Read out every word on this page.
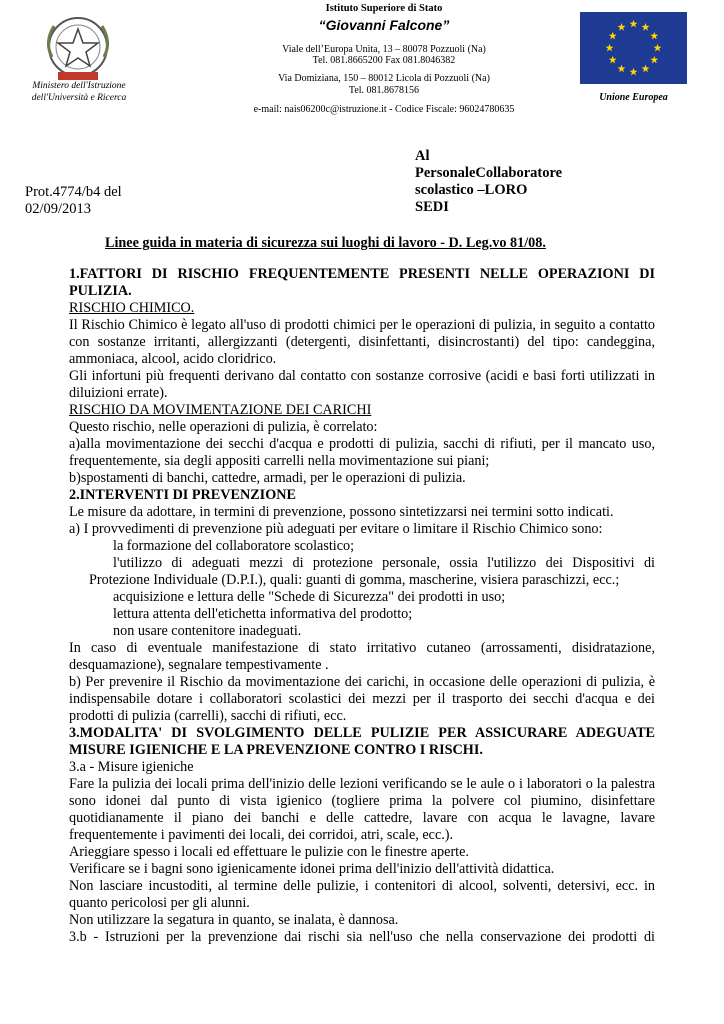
Ministero dell'Istruzione
dell'Università e Ricerca
Istituto Superiore di Stato
“Giovanni Falcone”
Viale dell’Europa Unita, 13 – 80078 Pozzuoli (Na)
Tel. 081.8665200 Fax 081.8046382
Via Domiziana, 150 – 80012 Licola di Pozzuoli (Na)
Tel. 081.8678156
e-mail: nais06200c@istruzione.it - Codice Fiscale: 96024780635
Unione Europea
Al
PersonaleCollaboratore
scolastico –LORO
SEDI
Prot.4774/b4 del
02/09/2013
Linee guida in materia di sicurezza sui luoghi di lavoro - D. Leg.vo 81/08.

1.FATTORI DI RISCHIO FREQUENTEMENTE PRESENTI NELLE OPERAZIONI DI PULIZIA.

RISCHIO CHIMICO.

Il Rischio Chimico è legato all'uso di prodotti chimici per le operazioni di pulizia, in seguito a contatto con sostanze irritanti, allergizzanti (detergenti, disinfettanti, disincrostanti) del tipo: candeggina, ammoniaca, alcool, acido cloridrico.

Gli infortuni più frequenti derivano dal contatto con sostanze corrosive (acidi e basi forti utilizzati in diluizioni errate).

RISCHIO DA MOVIMENTAZIONE DEI CARICHI

Questo rischio, nelle operazioni di pulizia, è correlato:

a)alla movimentazione dei secchi d'acqua e prodotti di pulizia, sacchi di rifiuti, per il mancato uso, frequentemente, sia degli appositi carrelli nella movimentazione sui piani;

b)spostamenti di banchi, cattedre, armadi, per le operazioni di pulizia.

2.INTERVENTI DI PREVENZIONE

Le misure da adottare, in termini di prevenzione, possono sintetizzarsi nei termini sotto indicati.

a) I provvedimenti di prevenzione più adeguati per evitare o limitare il Rischio Chimico sono:

la formazione del collaboratore scolastico;
l'utilizzo di adeguati mezzi di protezione personale, ossia l'utilizzo dei Dispositivi di

Protezione Individuale (D.P.I.), quali: guanti di gomma, mascherine, visiera paraschizzi, ecc.;

acquisizione e lettura delle "Schede di Sicurezza" dei prodotti in uso;
lettura attenta dell'etichetta informativa del prodotto;
non usare contenitore inadeguati.

In caso di eventuale manifestazione di stato irritativo cutaneo (arrossamenti, disidratazione, desquamazione), segnalare tempestivamente .

b) Per prevenire il Rischio da movimentazione dei carichi, in occasione delle operazioni di pulizia, è indispensabile dotare i collaboratori scolastici dei mezzi per il trasporto dei secchi d'acqua e dei prodotti di pulizia (carrelli), sacchi di rifiuti, ecc.

3.MODALITA' DI SVOLGIMENTO DELLE PULIZIE PER ASSICURARE ADEGUATE MISURE IGIENICHE E LA PREVENZIONE CONTRO I RISCHI.

3.a - Misure igieniche

Fare la pulizia dei locali prima dell'inizio delle lezioni verificando se le aule o i laboratori o la palestra sono idonei dal punto di vista igienico (togliere prima la polvere col piumino, disinfettare quotidianamente il piano dei banchi e delle cattedre, lavare con acqua le lavagne, lavare frequentemente i pavimenti dei locali, dei corridoi, atri, scale, ecc.).

Arieggiare spesso i locali ed effettuare le pulizie con le finestre aperte.

Verificare se i bagni sono igienicamente idonei prima dell'inizio dell'attività didattica.

Non lasciare incustoditi, al termine delle pulizie, i contenitori di alcool, solventi, detersivi, ecc. in quanto pericolosi per gli alunni.

Non utilizzare la segatura in quanto, se inalata, è dannosa.

3.b - Istruzioni per la prevenzione dai rischi sia nell'uso che nella conservazione dei prodotti di
